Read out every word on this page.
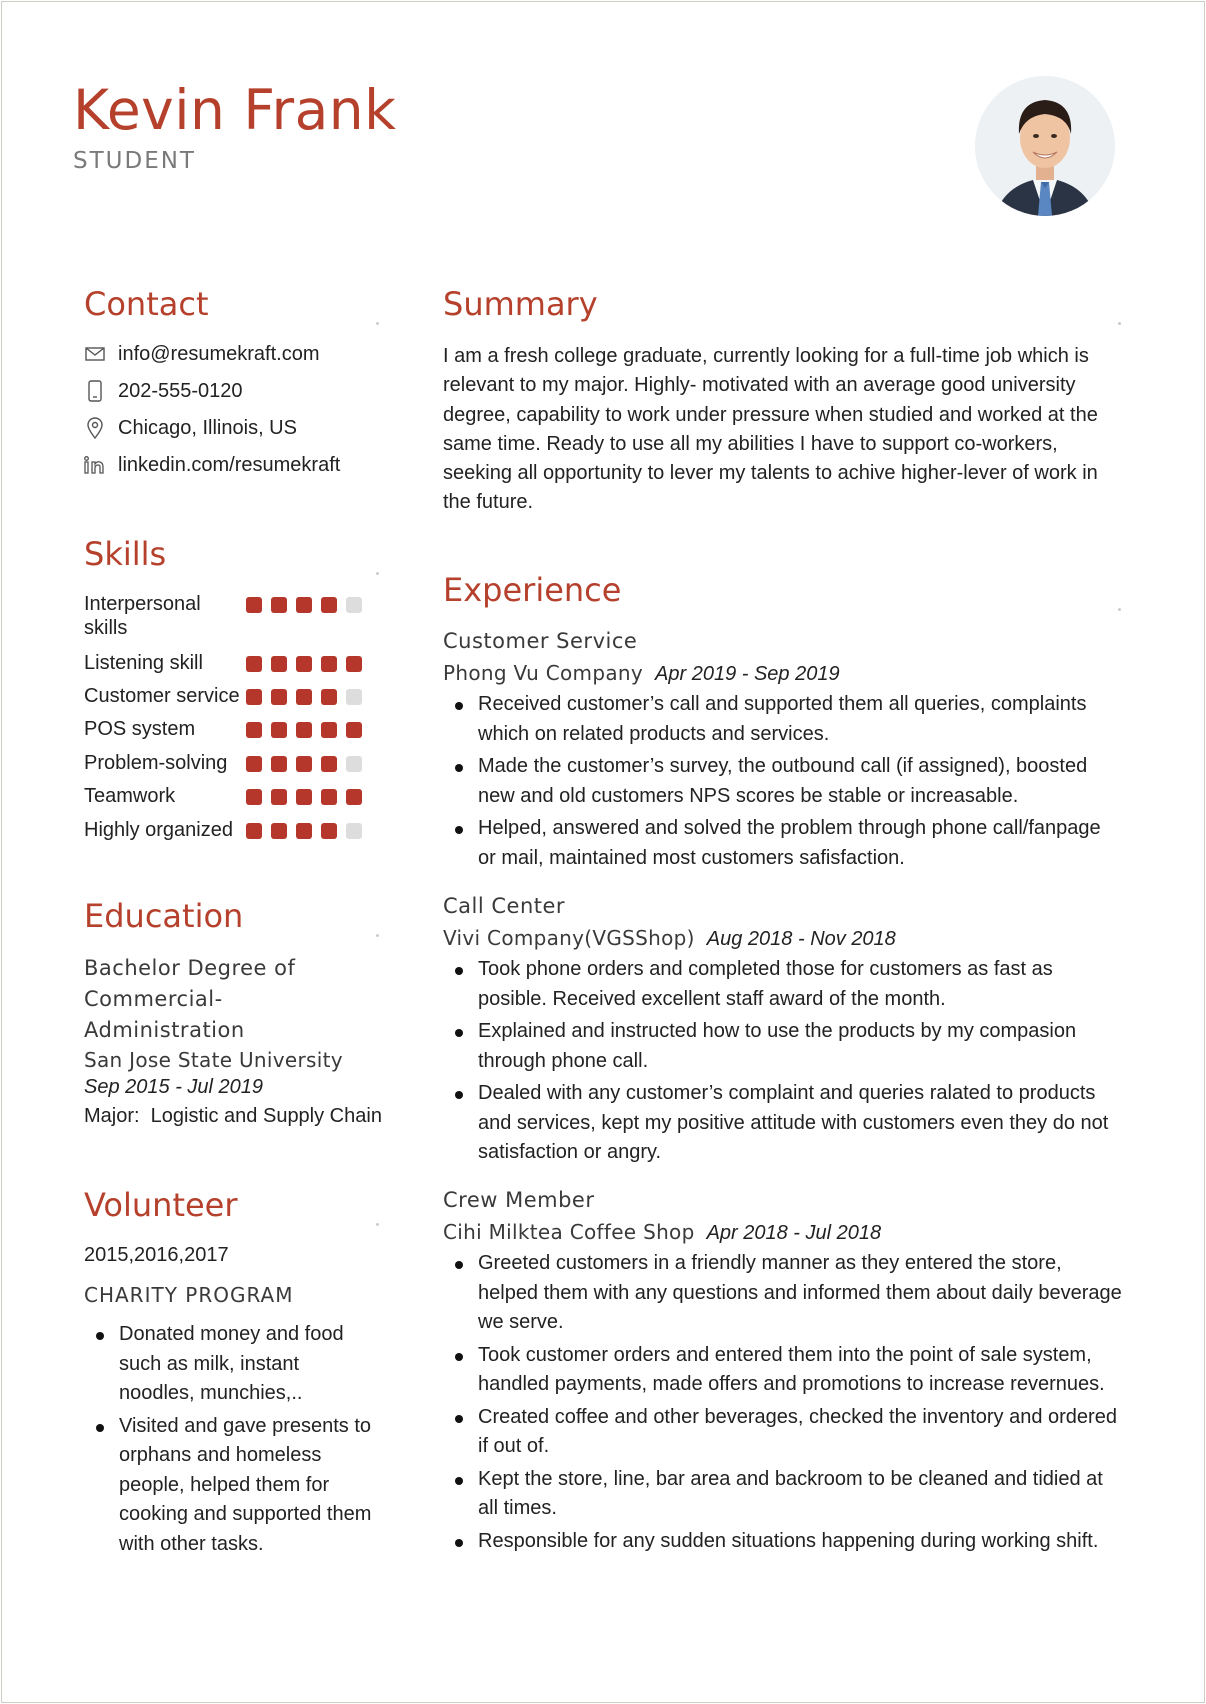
Kevin Frank
STUDENT
Contact
info@resumekraft.com
202-555-0120
Chicago, Illinois, US
linkedin.com/resumekraft
Skills
Interpersonal skills
Listening skill
Customer service
POS system
Problem-solving
Teamwork
Highly organized
Education
Bachelor Degree of Commercial-Administration
San Jose State University
Sep 2015 - Jul 2019
Major:  Logistic and Supply Chain
Volunteer
2015,2016,2017
CHARITY PROGRAM
Donated money and food such as milk, instant noodles, munchies,..
Visited and gave presents to orphans and homeless people, helped them for cooking and supported them with other tasks.
Summary
I am a fresh college graduate, currently looking for a full-time job which is relevant to my major. Highly- motivated with an average good university degree, capability to work under pressure when studied and worked at the same time. Ready to use all my abilities I have to support co-workers, seeking all opportunity to lever my talents to achive higher-lever of work in the future.
Experience
Customer Service
Phong Vu Company Apr 2019 - Sep 2019
Received customer’s call and supported them all queries, complaints which on related products and services.
Made the customer’s survey, the outbound call (if assigned), boosted new and old customers NPS scores be stable or increasable.
Helped, answered and solved the problem through phone call/fanpage or mail, maintained most customers safisfaction.
Call Center
Vivi Company(VGSShop) Aug 2018 - Nov 2018
Took phone orders and completed those for customers as fast as posible. Received excellent staff award of the month.
Explained and instructed how to use the products by my compasion through phone call.
Dealed with any customer’s complaint and queries ralated to products and services, kept my positive attitude with customers even they do not satisfaction or angry.
Crew Member
Cihi Milktea Coffee Shop Apr 2018 - Jul 2018
Greeted customers in a friendly manner as they entered the store, helped them with any questions and informed them about daily beverage we serve.
Took customer orders and entered them into the point of sale system, handled payments, made offers and promotions to increase revernues.
Created coffee and other beverages, checked the inventory and ordered if out of.
Kept the store, line, bar area and backroom to be cleaned and tidied at all times.
Responsible for any sudden situations happening during working shift.
